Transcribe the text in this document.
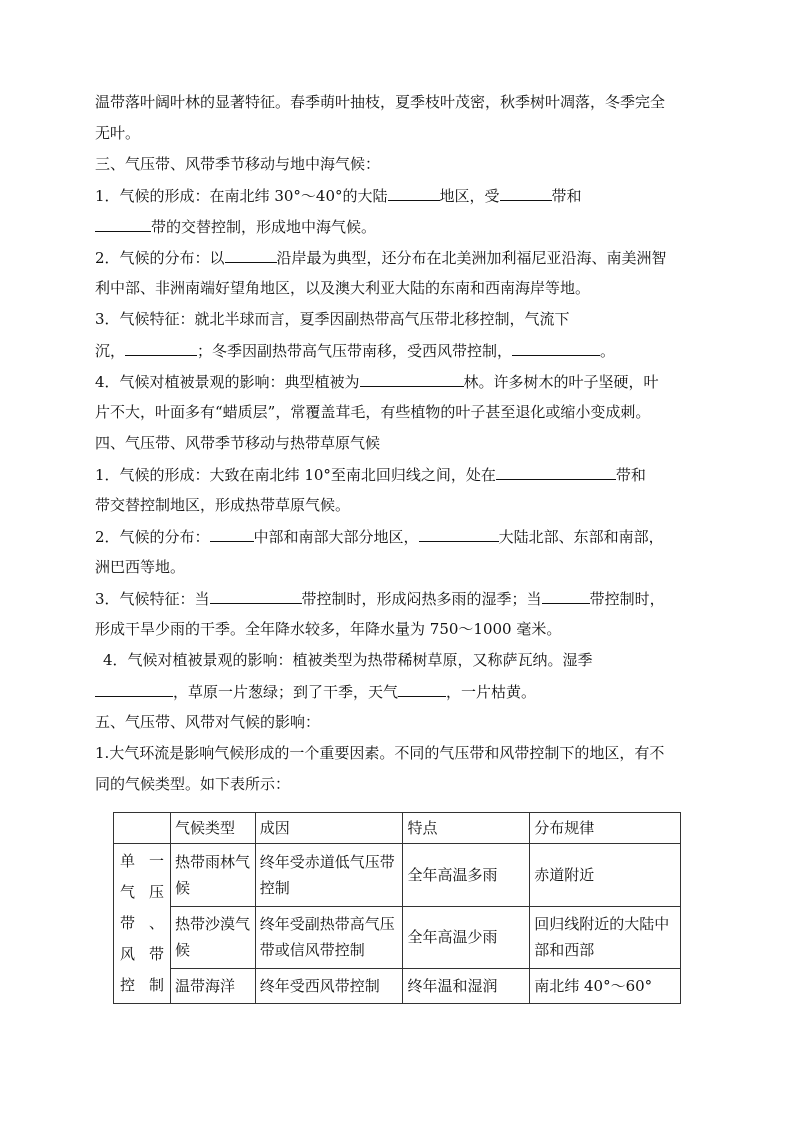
温带落叶阔叶林的显著特征。春季萌叶抽枝，夏季枝叶茂密，秋季树叶凋落，冬季完全
无叶。
三、气压带、风带季节移动与地中海气候：
1．气候的形成：在南北纬 30°～40°的大陆	地区，受	带和
带的交替控制，形成地中海气候。
2．气候的分布：以	沿岸最为典型，还分布在北美洲加利福尼亚沿海、南美洲智
利中部、非洲南端好望角地区，以及澳大利亚大陆的东南和西南海岸等地。
3．气候特征：就北半球而言，夏季因副热带高气压带北移控制，气流下
沉，	；冬季因副热带高气压带南移，受西风带控制，	。
4．气候对植被景观的影响：典型植被为	林。许多树木的叶子坚硬，叶
片不大，叶面多有“蜡质层”，常覆盖茸毛，有些植物的叶子甚至退化或缩小变成刺。
四、气压带、风带季节移动与热带草原气候
1．气候的形成：大致在南北纬 10°至南北回归线之间，处在	带和
带交替控制地区，形成热带草原气候。
2．气候的分布：	中部和南部大部分地区，	大陆北部、东部和南部，
洲巴西等地。
3．气候特征：当	带控制时，形成闷热多雨的湿季；当	带控制时，
形成干旱少雨的干季。全年降水较多，年降水量为 750～1000 毫米。
4．气候对植被景观的影响：植被类型为热带稀树草原，又称萨瓦纳。湿季
，草原一片葱绿；到了干季，天气	，一片枯黄。
五、气压带、风带对气候的影响：
1.大气环流是影响气候形成的一个重要因素。不同的气压带和风带控制下的地区，有不
同的气候类型。如下表所示：
	气候类型	成因	特点	分布规律
单一气压带、风带控制	热带雨林气候	终年受赤道低气压带控制	全年高温多雨	赤道附近
	热带沙漠气候	终年受副热带高气压带或信风带控制	全年高温少雨	回归线附近的大陆中部和西部
	温带海洋	终年受西风带控制	终年温和湿润	南北纬 40°～60°
